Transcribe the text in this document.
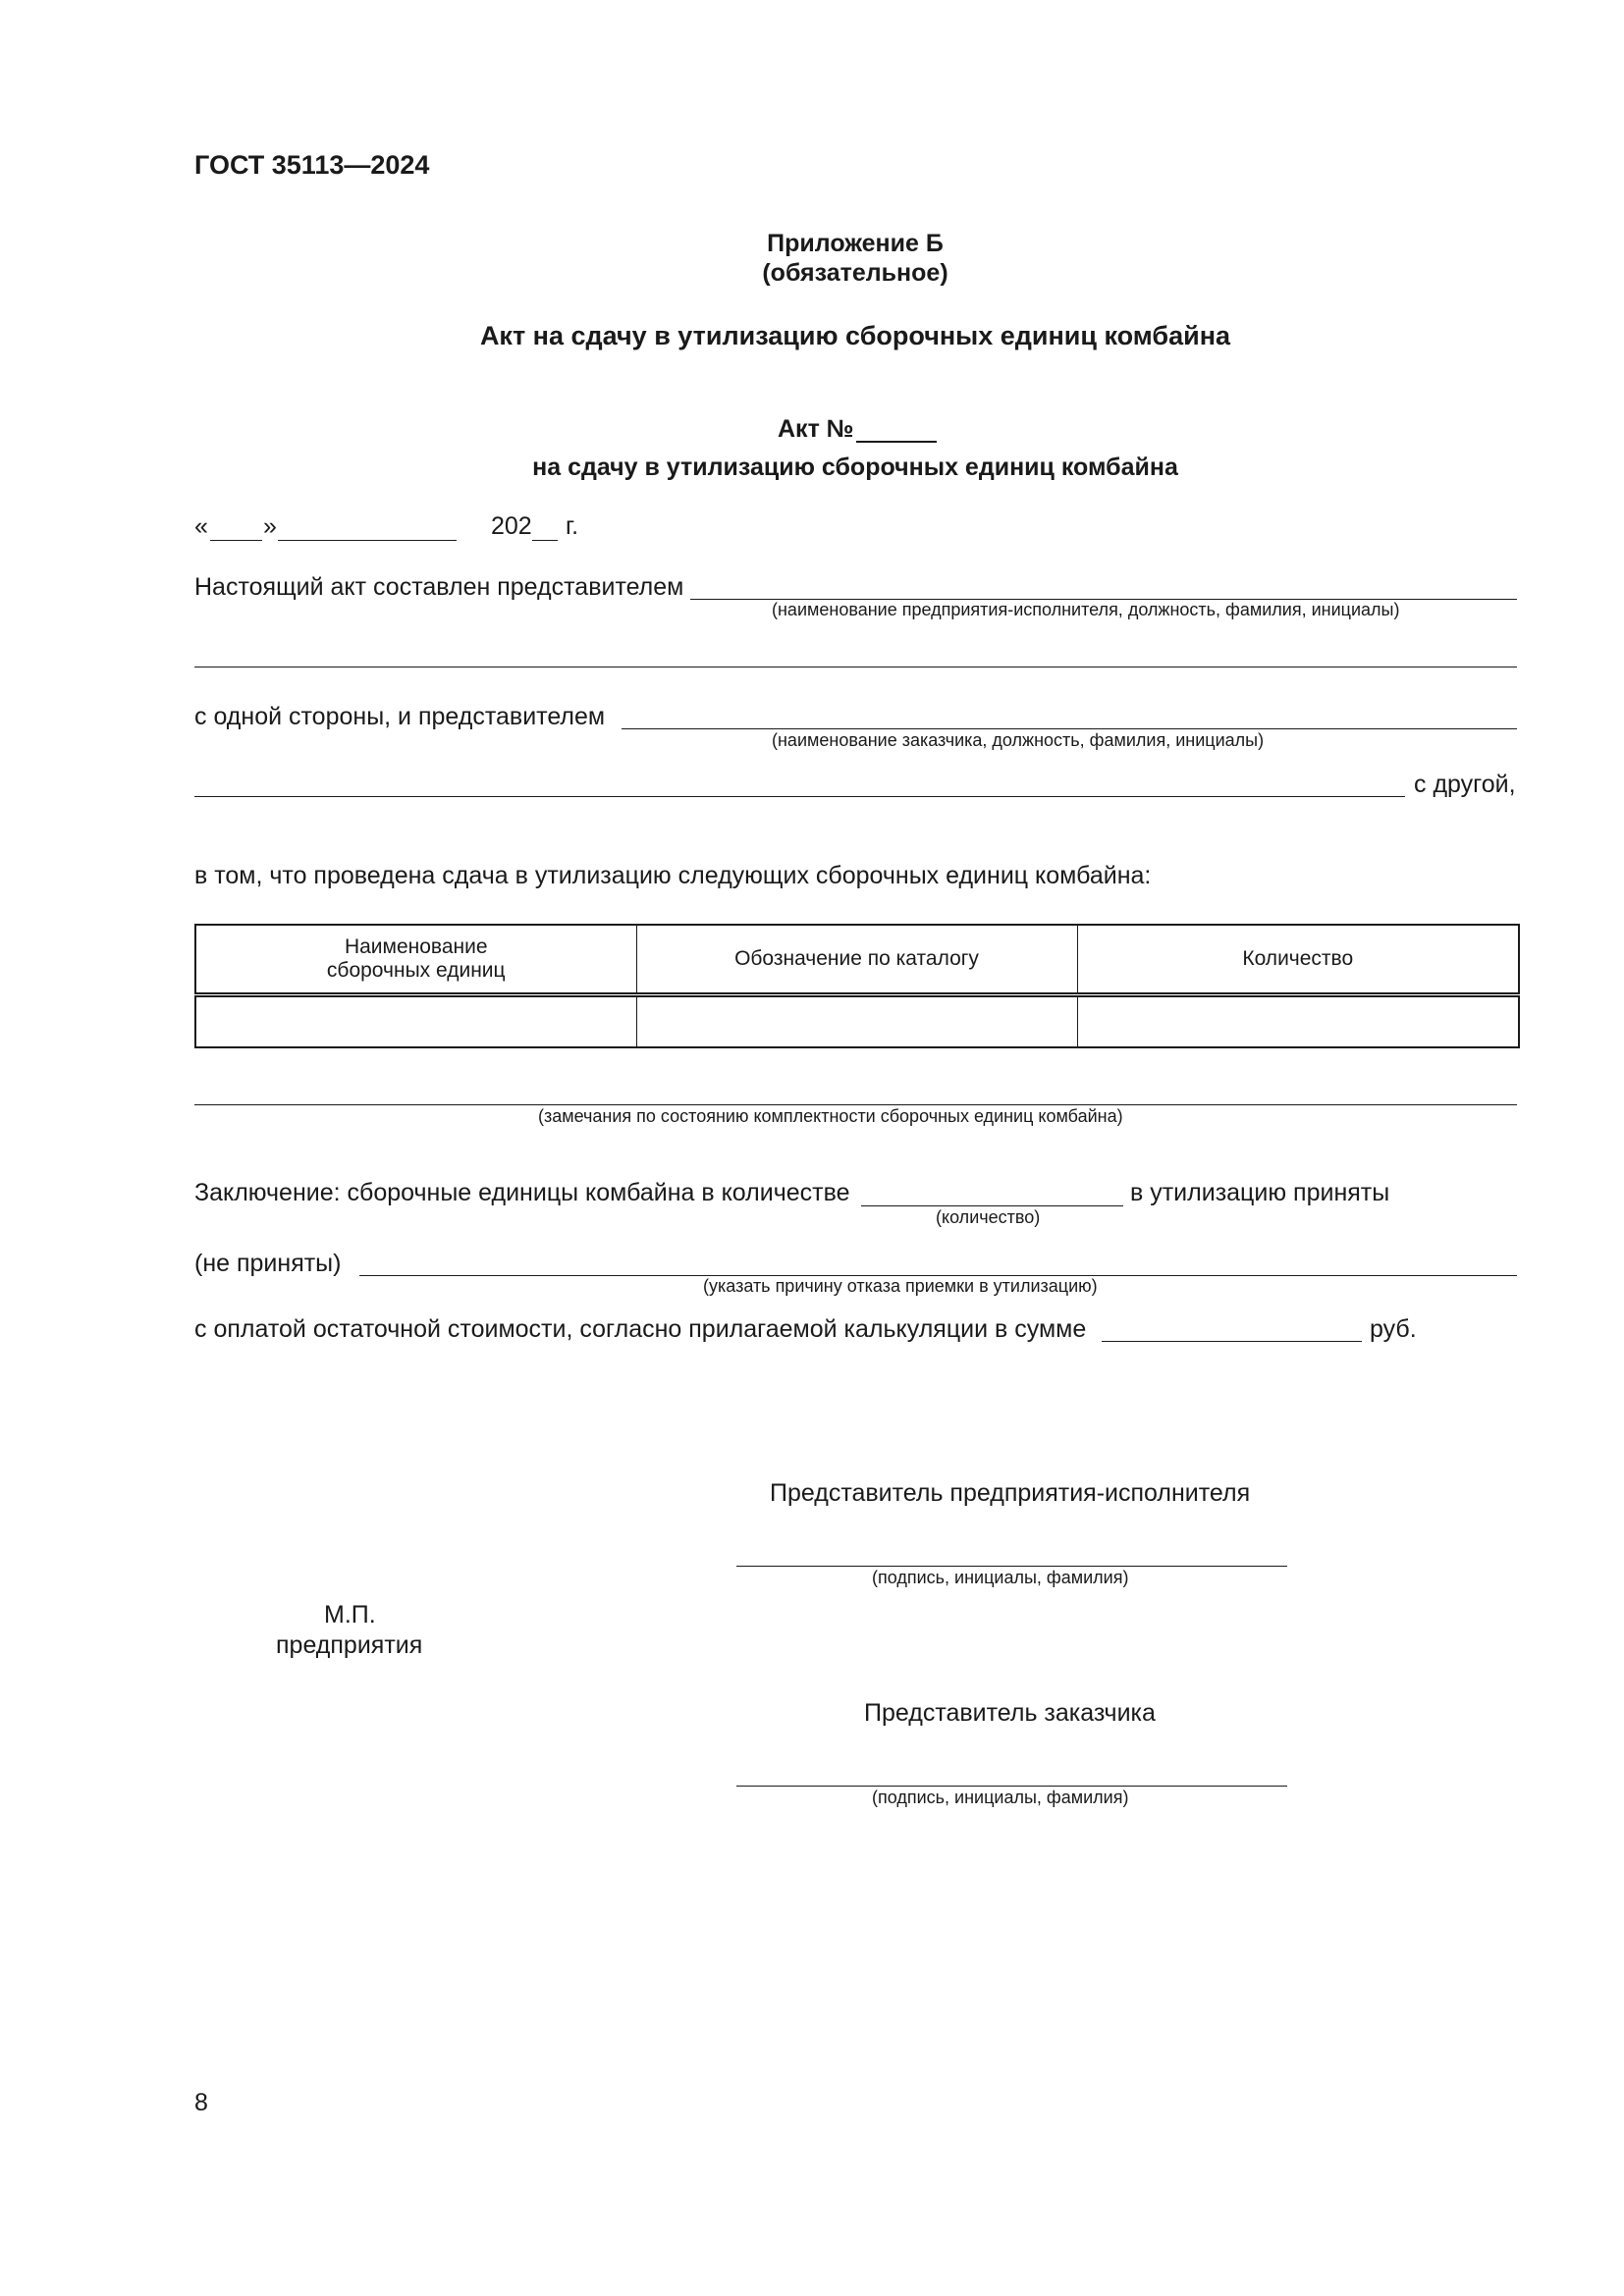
ГОСТ 35113—2024
Приложение Б
(обязательное)
Акт на сдачу в утилизацию сборочных единиц комбайна
Акт №
на сдачу в утилизацию сборочных единиц комбайна
« »	202 г.
Настоящий акт составлен представителем
(наименование предприятия-исполнителя, должность, фамилия, инициалы)
с одной стороны, и представителем
(наименование заказчика, должность, фамилия, инициалы)
с другой,
в том, что проведена сдача в утилизацию следующих сборочных единиц комбайна:
Наименование сборочных единиц	Обозначение по каталогу	Количество

(замечания по состоянию комплектности сборочных единиц комбайна)
Заключение: сборочные единицы комбайна в количестве	в утилизацию приняты
(количество)
(не приняты)
(указать причину отказа приемки в утилизацию)
с оплатой остаточной стоимости, согласно прилагаемой калькуляции в сумме	руб.
Представитель предприятия-исполнителя
(подпись, инициалы, фамилия)
М.П.
предприятия
Представитель заказчика
(подпись, инициалы, фамилия)
8
